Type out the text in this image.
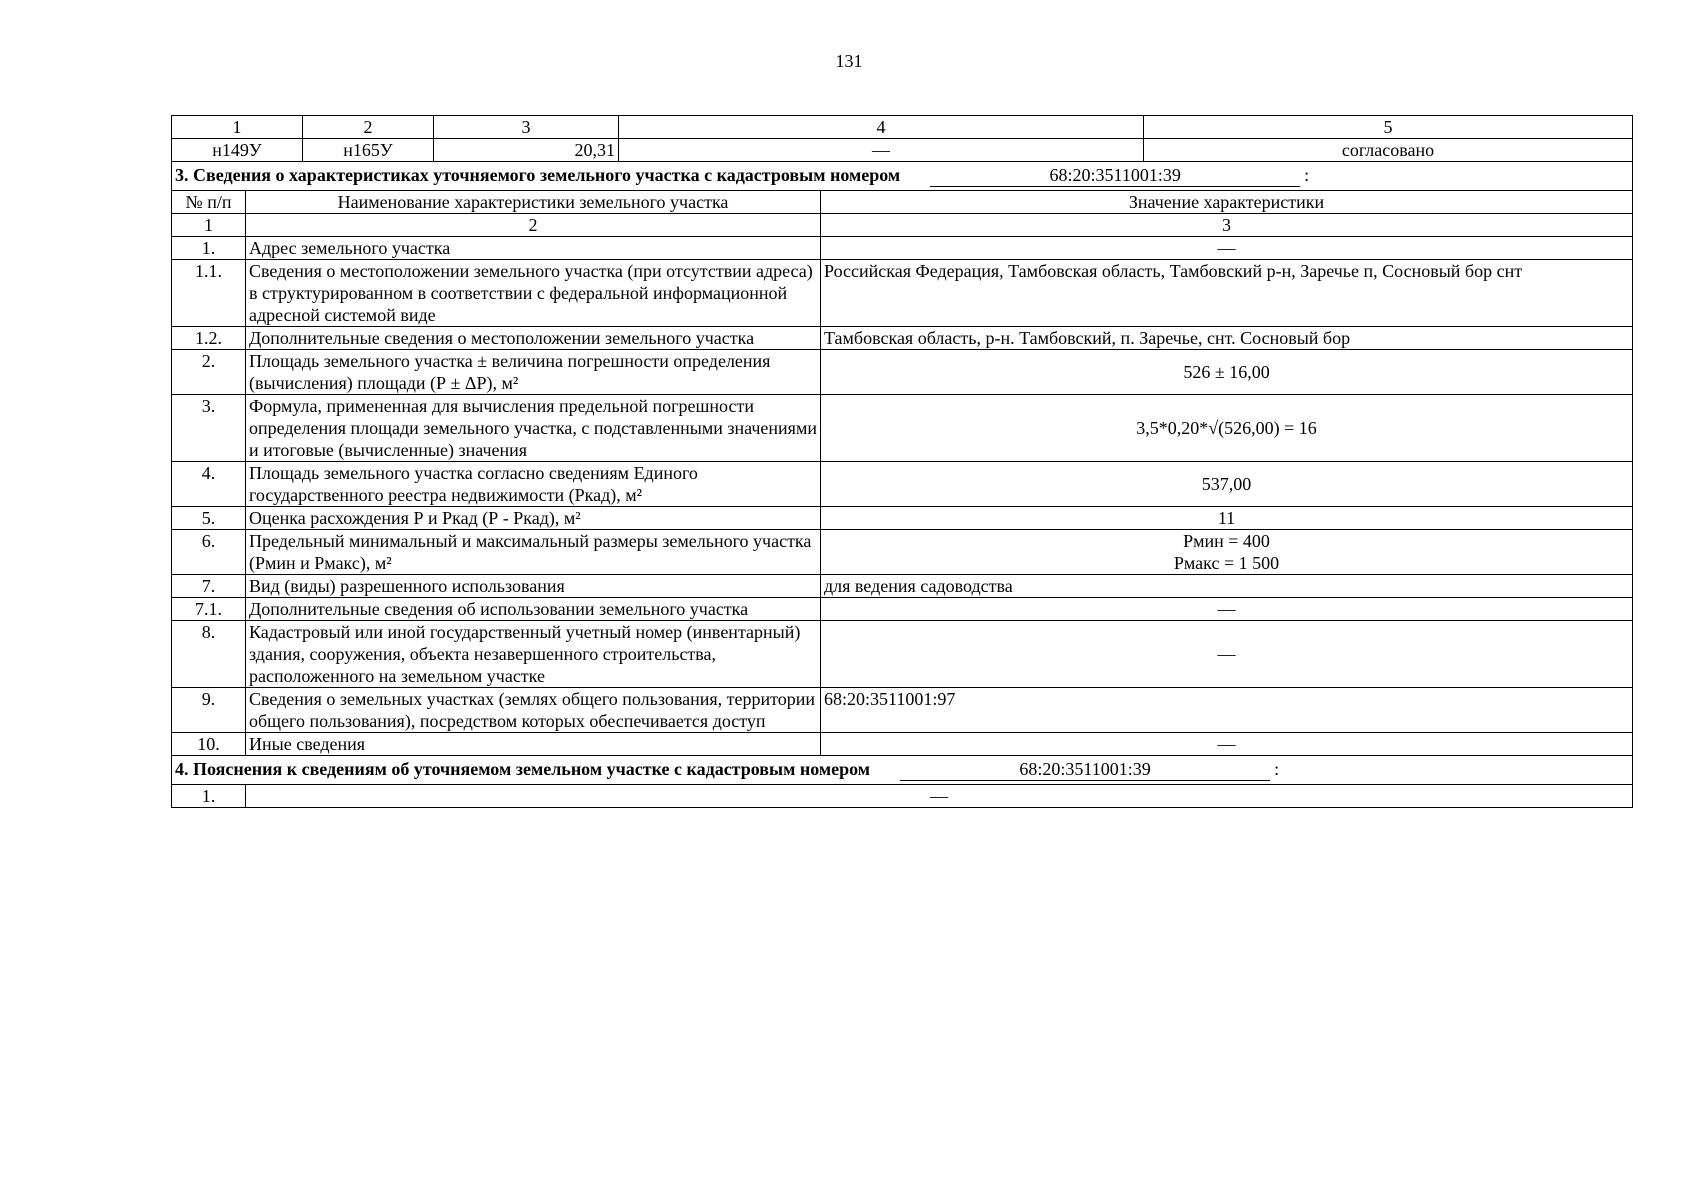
131
1	2	3	4	5
н149У	н165У	20,31	—	согласовано
3. Сведения о характеристиках уточняемого земельного участка с кадастровым номером 68:20:3511001:39 :		
№ п/п	Наименование характеристики земельного участка	Значение характеристики
1	2	3
1.	Адрес земельного участка	—
1.1.	Сведения о местоположении земельного участка (при отсутствии адреса) в структурированном в соответствии с федеральной информационной адресной системой виде	Российская Федерация, Тамбовская область, Тамбовский р-н, Заречье п, Сосновый бор снт
1.2.	Дополнительные сведения о местоположении земельного участка	Тамбовская область, р-н. Тамбовский, п. Заречье, снт. Сосновый бор
2.	Площадь земельного участка ± величина погрешности определения (вычисления) площади (Р ± ΔР), м²	526 ± 16,00
3.	Формула, примененная для вычисления предельной погрешности определения площади земельного участка, с подставленными значениями и итоговые (вычисленные) значения	3,5*0,20*√(526,00) = 16
4.	Площадь земельного участка согласно сведениям Единого государственного реестра недвижимости (Ркад), м²	537,00
5.	Оценка расхождения Р и Ркад (Р - Ркад), м²	11
6.	Предельный минимальный и максимальный размеры земельного участка (Рмин и Рмакс), м²	Рмин = 400
Рмакс = 1 500

7.	Вид (виды) разрешенного использования	для ведения садоводства
7.1.	Дополнительные сведения об использовании земельного участка	—
8.	Кадастровый или иной государственный учетный номер (инвентарный) здания, сооружения, объекта незавершенного строительства, расположенного на земельном участке	—
9.	Сведения о земельных участках (землях общего пользования, территории общего пользования), посредством которых обеспечивается доступ	68:20:3511001:97
10.	Иные сведения	—
4. Пояснения к сведениям об уточняемом земельном участке с кадастровым номером 68:20:3511001:39 :		
1.	—	
